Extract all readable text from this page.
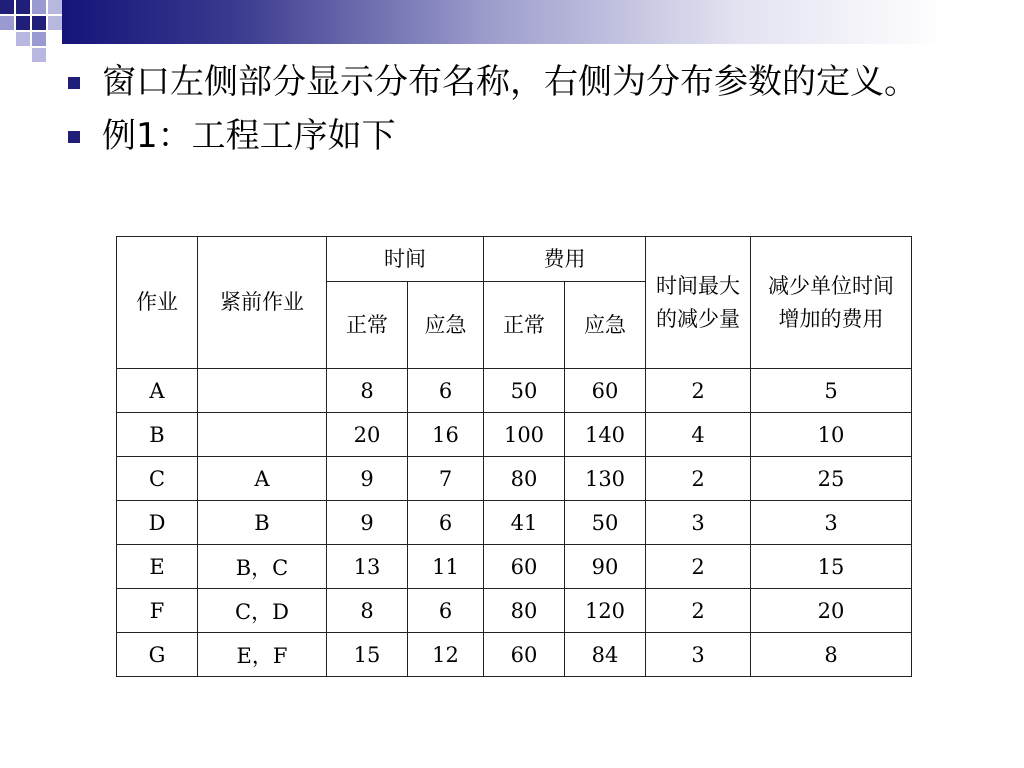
窗口左侧部分显示分布名称，右侧为分布参数的定义。
例1：工程工序如下
作业	紧前作业	时间		费用		时间最大的减少量	减少单位时间增加的费用

		正常	应急	正常	应急		
A		8	6	50	60	2	5
B		20	16	100	140	4	10
C	A	9	7	80	130	2	25
D	B	9	6	41	50	3	3
E	B，C	13	11	60	90	2	15
F	C，D	8	6	80	120	2	20
G	E，F	15	12	60	84	3	8
